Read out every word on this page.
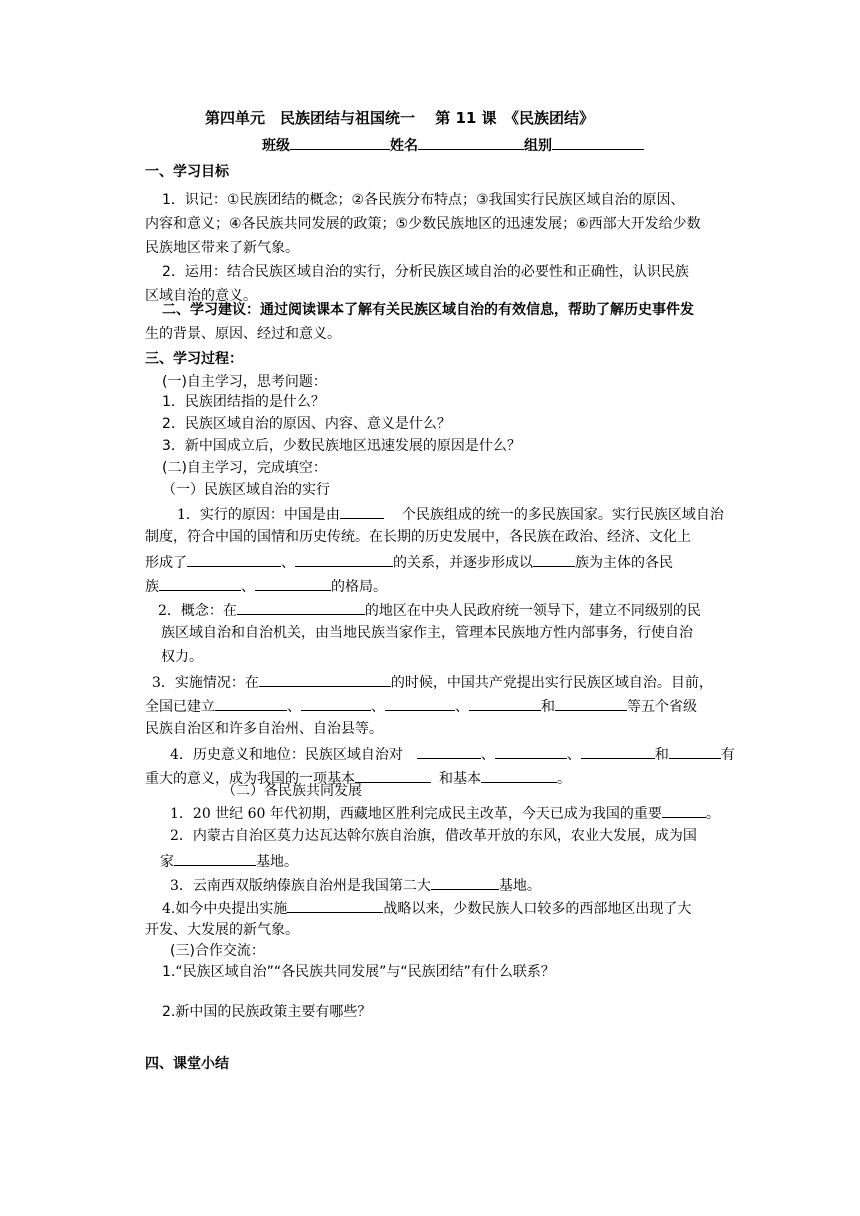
第四单元　民族团结与祖国统一　 第 11 课　《民族团结》
班级	姓名	组别
一、学习目标
1．识记：①民族团结的概念；②各民族分布特点；③我国实行民族区域自治的原因、
内容和意义；④各民族共同发展的政策；⑤少数民族地区的迅速发展；⑥西部大开发给少数
民族地区带来了新气象。
2．运用：结合民族区域自治的实行，分析民族区域自治的必要性和正确性，认识民族
区域自治的意义。
二、学习建议：通过阅读课本了解有关民族区域自治的有效信息，帮助了解历史事件发
生的背景、原因、经过和意义。
三、学习过程：
(一)自主学习，思考问题：
1．民族团结指的是什么？
2．民族区域自治的原因、内容、意义是什么？
3．新中国成立后，少数民族地区迅速发展的原因是什么？
(二)自主学习，完成填空：
（一）民族区域自治的实行
1．实行的原因：中国是由	个民族组成的统一的多民族国家。实行民族区域自治
制度，符合中国的国情和历史传统。在长期的历史发展中，各民族在政治、经济、文化上
形成了	、	的关系，并逐步形成以	族为主体的各民
族	、	的格局。
2．概念：在	的地区在中央人民政府统一领导下，建立不同级别的民
族区域自治和自治机关，由当地民族当家作主，管理本民族地方性内部事务，行使自治
权力。
3．实施情况：在	的时候，中国共产党提出实行民族区域自治。目前，
全国已建立	、	、	、	和	等五个省级
民族自治区和许多自治州、自治县等。
4．历史意义和地位：民族区域自治对	、	、	和	有
重大的意义，成为我国的一项基本	和基本	。
（二）各民族共同发展
1．20 世纪 60 年代初期，西藏地区胜利完成民主改革，今天已成为我国的重要	。
2．内蒙古自治区莫力达瓦达斡尔族自治旗，借改革开放的东风，农业大发展，成为国
家	基地。
3．云南西双版纳傣族自治州是我国第二大	基地。
4.如今中央提出实施	战略以来，少数民族人口较多的西部地区出现了大
开发、大发展的新气象。
(三)合作交流：
1.“民族区域自治”“各民族共同发展”与“民族团结”有什么联系？
2.新中国的民族政策主要有哪些？
四、课堂小结
